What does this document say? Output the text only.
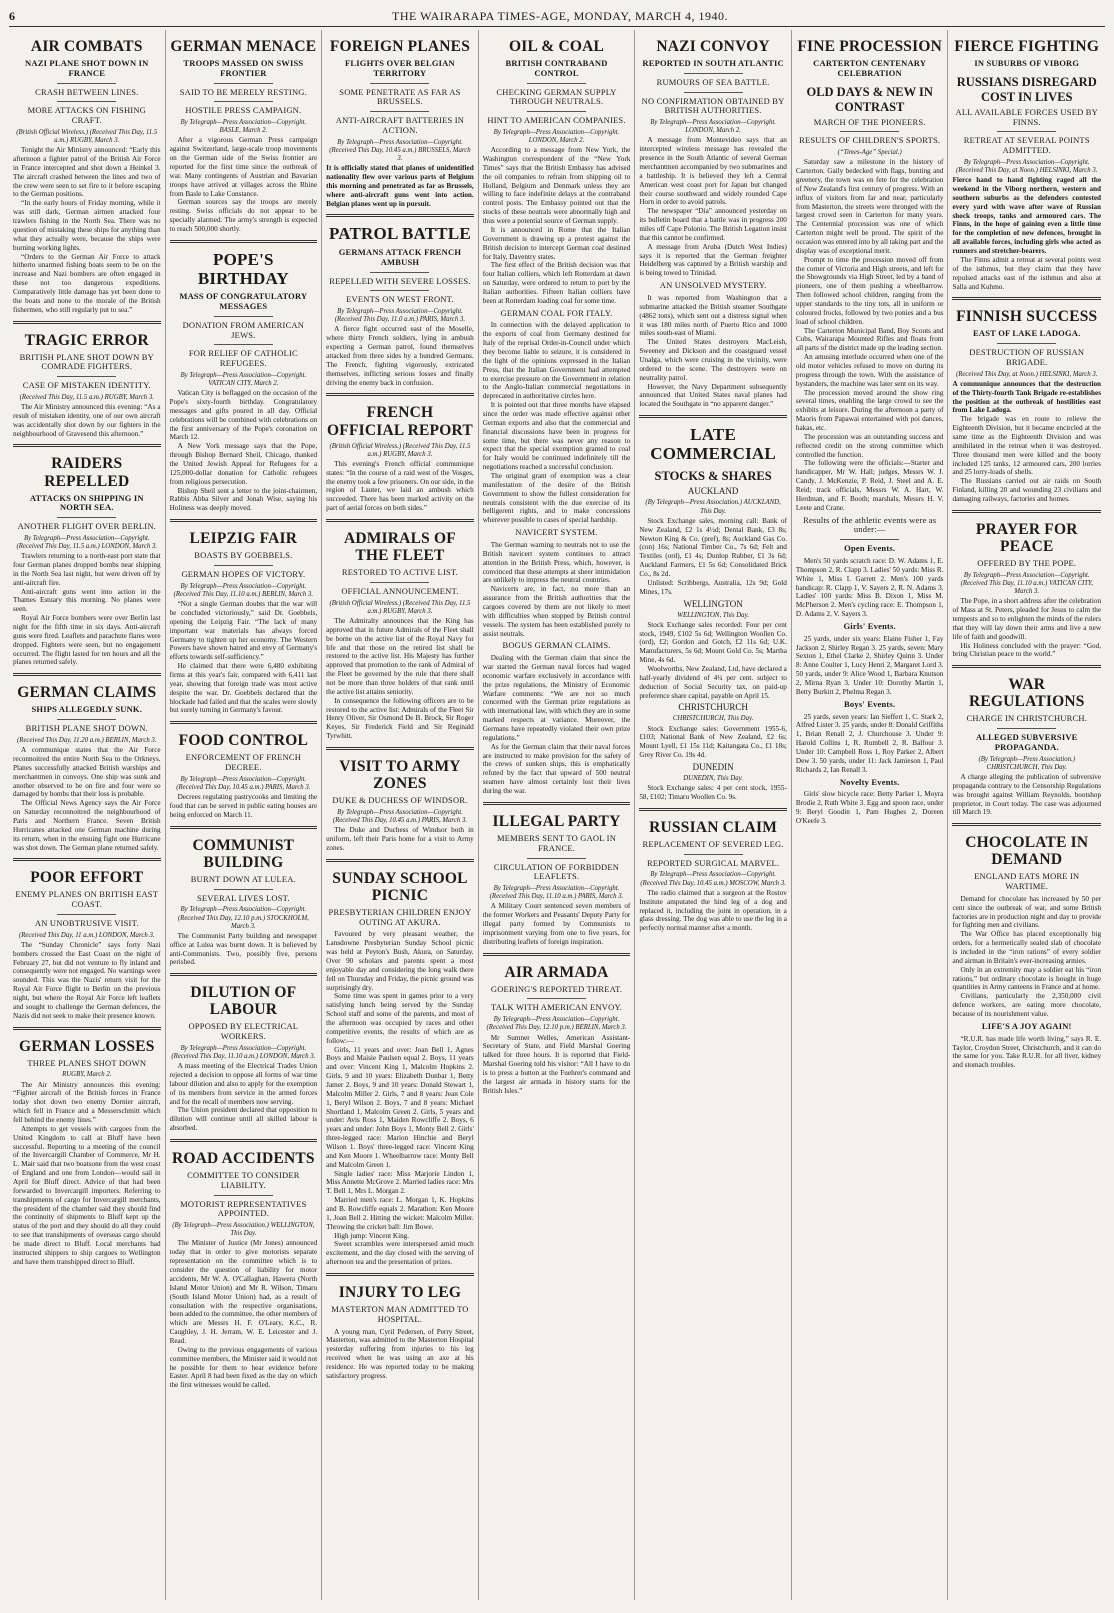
6	THE WAIRARAPA TIMES-AGE, MONDAY, MARCH 4, 1940.
AIR COMBATS
NAZI PLANE SHOT DOWN IN FRANCE
CRASH BETWEEN LINES.
MORE ATTACKS ON FISHING CRAFT.
(British Official Wireless.) (Received This Day, 11.5 a.m.) RUGBY, March 3.

Tonight the Air Ministry announced: “Early this afternoon a fighter patrol of the British Air Force in France intercepted and shot down a Heinkel 3. The aircraft crashed between the lines and two of the crew were seen to set fire to it before escaping to the German positions.

“In the early hours of Friday morning, while it was still dark, German airmen attacked four trawlers fishing in the North Sea. There was no question of mistaking these ships for anything than what they actually were, because the ships were burning working lights.

“Orders to the German Air Force to attack hitherto unarmed fishing boats seem to be on the increase and Nazi bombers are often engaged in these not too dangerous expeditions. Comparatively little damage has yet been done to the boats and none to the morale of the British fishermen, who still regularly put to sea.”

TRAGIC ERROR
BRITISH PLANE SHOT DOWN BY COMRADE FIGHTERS.
CASE OF MISTAKEN IDENTITY.
(Received This Day, 11.5 a.m.) RUGBY, March 3.

The Air Ministry announced this evening: “As a result of mistaken identity, one of our own aircraft was accidentally shot down by our fighters in the neighbourhood of Gravesend this afternoon.”

RAIDERS REPELLED
ATTACKS ON SHIPPING IN NORTH SEA.
ANOTHER FLIGHT OVER BERLIN.
By Telegraph—Press Association—Copyright. (Received This Day, 11.5 a.m.) LONDON, March 3.

Trawlers returning to a north-east port state that four German planes dropped bombs near shipping in the North Sea last night, but were driven off by anti-aircraft fire.

Anti-aircraft guns went into action in the Thames Estuary this morning. No planes were seen.

Royal Air Force bombers were over Berlin last night for the fifth time in six days. Anti-aircraft guns were fired. Leaflets and parachute flares were dropped. Fighters were seen, but no engagement occurred. The flight lasted for ten hours and all the planes returned safely.

GERMAN CLAIMS
SHIPS ALLEGEDLY SUNK.
BRITISH PLANE SHOT DOWN.
(Received This Day, 11.20 a.m.) BERLIN, March 3.

A communique states that the Air Force reconnoitred the entire North Sea to the Orkneys. Planes successfully attacked British warships and merchantmen in convoys. One ship was sunk and another observed to be on fire and four were so damaged by bombs that their loss is probable.

The Official News Agency says the Air Force on Saturday reconnoitred the neighbourhood of Paris and Northern France. Seven British Hurricanes attacked one German machine during its return, when in the ensuing fight one Hurricane was shot down. The German plane returned safely.

POOR EFFORT
ENEMY PLANES ON BRITISH EAST COAST.
AN UNOBTRUSIVE VISIT.
(Received This Day, 11 a.m.) LONDON, March 3.

The “Sunday Chronicle” says forty Nazi bombers crossed the East Coast on the night of February 27, but did not venture to fly inland and consequently were not engaged. No warnings were sounded. This was the Nazis' return visit for the Royal Air Force flight to Berlin on the previous night, but where the Royal Air Force left leaflets and sought to challenge the German defences, the Nazis did not seek to make their presence known.

GERMAN LOSSES
THREE PLANES SHOT DOWN
RUGBY, March 2.

The Air Ministry announces this evening: “Fighter aircraft of the British forces in France today shot down two enemy Dornier aircraft, which fell in France and a Messerschmitt which fell behind the enemy lines.”

Attempts to get vessels with cargoes from the United Kingdom to call at Bluff have been successful. Reporting to a meeting of the council of the Invercargill Chamber of Commerce, Mr H. L. Mair said that two boatsone from the west coast of England and one from London—would sail in April for Bluff direct. Advice of that had been forwarded to Invercargill importers. Referring to transhipments of cargo for Invercargill merchants, the president of the chamber said they should find the continuity of shipments to Bluff kept up the status of the port and they should do all they could to see that transhipments of overseas cargo should be made direct to Bluff. Local merchants had instructed shippers to ship cargoes to Wellington and have them transhipped direct to Bluff.

GERMAN MENACE
TROOPS MASSED ON SWISS FRONTIER
SAID TO BE MERELY RESTING.
HOSTILE PRESS CAMPAIGN.
By Telegraph—Press Association—Copyright. BASLE, March 2.

After a vigorous German Press campaign against Switzerland, large-scale troop movements on the German side of the Swiss frontier are reported for the first time since the outbreak of war. Many contingents of Austrian and Bavarian troops have arrived at villages across the Rhine from Basle to Lake Constance.

German sources say the troops are merely resting. Swiss officials do not appear to be specially alarmed. The army's strength is expected to reach 500,000 shortly.

POPE'S BIRTHDAY
MASS OF CONGRATULATORY MESSAGES
DONATION FROM AMERICAN JEWS.
FOR RELIEF OF CATHOLIC REFUGEES.
By Telegraph—Press Association—Copyright. VATICAN CITY, March 2.

Vatican City is beflagged on the occasion of the Pope's sixty-fourth birthday. Congratulatory messages and gifts poured in all day. Official celebrations will be combined with celebrations on the first anniversary of the Pope's coronation on March 12.

A New York message says that the Pope, through Bishop Bernard Sheil, Chicago, thanked the United Jewish Appeal for Refugees for a 125,000-dollar donation for Catholic refugees from religious persecution.

Bishop Sheil sent a letter to the joint-chairmen, Rabbis Abba Silver and Jonah Wise, saying his Holiness was deeply moved.

LEIPZIG FAIR
BOASTS BY GOEBBELS.
GERMAN HOPES OF VICTORY.
By Telegraph—Press Association—Copyright. (Received This Day, 11.10 a.m.) BERLIN, March 3.

“Not a single German doubts that the war will be concluded victoriously,” said Dr. Goebbels, opening the Leipzig Fair. “The lack of many important war materials has always forced Germany to tighten up her economy. The Western Powers have shown hatred and envy of Germany's efforts towards self-sufficiency.”

He claimed that there were 6,480 exhibiting firms at this year's fair, compared with 6,411 last year, showing that foreign trade was most active despite the war. Dr. Goebbels declared that the blockade had failed and that the scales were slowly but surely turning in Germany's favour.

FOOD CONTROL
ENFORCEMENT OF FRENCH DECREE.
By Telegraph—Press Association—Copyright. (Received This Day, 10.45 a.m.) PARIS, March 3.

Decrees regulating pastrycooks and limiting the food that can be served in public eating houses are being enforced on March 11.

COMMUNIST BUILDING
BURNT DOWN AT LULEA.
SEVERAL LIVES LOST.
By Telegraph—Press Association—Copyright. (Received This Day, 12.10 p.m.) STOCKHOLM, March 3.

The Communist Party building and newspaper office at Lulea was burnt down. It is believed by anti-Communists. Two, possibly five, persons perished.

DILUTION OF LABOUR
OPPOSED BY ELECTRICAL WORKERS.
By Telegraph—Press Association—Copyright. (Received This Day, 11.10 a.m.) LONDON, March 3.

A mass meeting of the Electrical Trades Union rejected a decision to oppose all forms of war time labour dilution and also to apply for the exemption of its members from service in the armed forces and for the recall of members now serving.

The Union president declared that opposition to dilution will continue until all skilled labour is absorbed.

ROAD ACCIDENTS
COMMITTEE TO CONSIDER LIABILITY.
MOTORIST REPRESENTATIVES APPOINTED.
(By Telegraph—Press Association.) WELLINGTON, This Day.

The Minister of Justice (Mr Jones) announced today that in order to give motorists separate representation on the committee which is to consider the question of liability for motor accidents, Mr W. A. O'Callaghan, Hawera (North Island Motor Union) and Mr R. Wilson, Timaru (South Island Motor Union) had, as a result of consultation with the respective organisations, been added to the committee, the other members of which are Messrs H. F. O'Leary, K.C., R. Caughley, J. H. Jerram, W. E. Leicester and J. Read.

Owing to the previous engagements of various committee members, the Minister said it would not be possible for them to hear evidence before Easter. April 8 had been fixed as the day on which the first witnesses would be called.

FOREIGN PLANES
FLIGHTS OVER BELGIAN TERRITORY
SOME PENETRATE AS FAR AS BRUSSELS.
ANTI-AIRCRAFT BATTERIES IN ACTION.
By Telegraph—Press Association—Copyright. (Received This Day, 10.45 a.m.) BRUSSELS, March 3.

It is officially stated that planes of unidentified nationality flew over various parts of Belgium this morning and penetrated as far as Brussels, where anti-aircraft guns went into action. Belgian planes went up in pursuit.

PATROL BATTLE
GERMANS ATTACK FRENCH AMBUSH
REPELLED WITH SEVERE LOSSES.
EVENTS ON WEST FRONT.
By Telegraph—Press Association—Copyright. (Received This Day, 11.0 a.m.) PARIS, March 3.

A fierce fight occurred east of the Moselle, where thirty French soldiers, lying in ambush expecting a German patrol, found themselves attacked from three sides by a hundred Germans. The French, fighting vigorously, extricated themselves, inflicting serious losses and finally driving the enemy back in confusion.

FRENCH OFFICIAL REPORT
(British Official Wireless.) (Received This Day, 11.5 a.m.) RUGBY, March 3.

This evening's French official communique states: “In the course of a raid west of the Vosges, the enemy took a few prisoners. On our side, in the region of Lauter, we laid an ambush which succeeded. There has been marked activity on the part of aerial forces on both sides.”

ADMIRALS OF THE FLEET
RESTORED TO ACTIVE LIST.
OFFICIAL ANNOUNCEMENT.
(British Official Wireless.) (Received This Day, 11.5 a.m.) RUGBY, March 3.

The Admiralty announces that the King has approved that in future Admirals of the Fleet shall be borne on the active list of the Royal Navy for life and that those on the retired list shall be restored to the active list. His Majesty has further approved that promotion to the rank of Admiral of the Fleet be governed by the rule that there shall not be more than three holders of that rank until the active list attains seniority.

In consequence the following officers are to be restored to the active list: Admirals of the Fleet Sir Henry Oliver, Sir Osmond De B. Brock, Sir Roger Keyes, Sir Frederick Field and Sir Reginald Tyrwhitt.

VISIT TO ARMY ZONES
DUKE & DUCHESS OF WINDSOR.
By Telegraph—Press Association—Copyright. (Received This Day, 10.45 a.m.) PARIS, March 3.

The Duke and Duchess of Windsor both in uniform, left their Paris home for a visit to Army zones.

SUNDAY SCHOOL PICNIC
PRESBYTERIAN CHILDREN ENJOY OUTING AT AKURA.

Favoured by very pleasant weather, the Lansdowne Presbyterian Sunday School picnic was held at Peyton's Bush, Akura, on Saturday. Over 90 scholars and parents spent a most enjoyable day and considering the long walk there fell on Thursday and Friday, the picnic ground was surprisingly dry.

Some time was spent in games prior to a very satisfying lunch being served by the Sunday School staff and some of the parents, and most of the afternoon was occupied by races and other competitive events, the results of which are as follow:—

Girls, 11 years and over: Joan Bell 1, Agnes Boys and Maisie Paulsen equal 2. Boys, 11 years and over: Vincent King 1, Malcolm Hopkins 2. Girls, 9 and 10 years: Elizabeth Dunbar 1, Betty Jamer 2. Boys, 9 and 10 years: Donald Stewart 1, Malcolm Miller 2. Girls, 7 and 8 years: Jean Cole 1, Beryl Wilson 2. Boys, 7 and 8 years: Michael Shortland 1, Malcolm Green 2. Girls, 5 years and under: Avis Ross 1, Maiden Rowcliffe 2. Boys, 6 years and under: John Boys 1, Monty Bell 2. Girls' three-legged race: Marion Hinchie and Beryl Wilson 1. Boys' three-legged race: Vincent King and Ken Moore 1. Wheelbarrow race: Monty Bell and Malcolm Green 1.

Single ladies' race: Miss Marjorie Lindon 1, Miss Annette McGrove 2. Married ladies race: Mrs T. Bell 1, Mrs L. Morgan 2.

Married men's race: L. Morgan 1, K. Hopkins and B. Rowcliffe equals 2. Marathon: Ken Moore 1, Joan Bell 2. Hitting the wicket: Malcolm Miller. Throwing the cricket ball: Jim Bowe.

High jump: Vincent King.

Sweet scrambles were interspersed amid much excitement, and the day closed with the serving of afternoon tea and the presentation of prizes.

INJURY TO LEG
MASTERTON MAN ADMITTED TO HOSPITAL.

A young man, Cyril Pedersen, of Perry Street, Masterton, was admitted to the Masterton Hospital yesterday suffering from injuries to his leg received when he was using an axe at his residence. He was reported today to be making satisfactory progress.

OIL & COAL
BRITISH CONTRABAND CONTROL
CHECKING GERMAN SUPPLY THROUGH NEUTRALS.
HINT TO AMERICAN COMPANIES.
By Telegraph—Press Association—Copyright. LONDON, March 2.

According to a message from New York, the Washington correspondent of the “New York Times” says that the British Embassy has advised the oil companies to refrain from shipping oil to Holland, Belgium and Denmark unless they are willing to face indefinite delays at the contraband control posts. The Embassy pointed out that the stocks of these neutrals were abnormally high and thus were a potential source of German supply.

It is announced in Rome that the Italian Government is drawing up a protest against the British decision to intercept German coal destined for Italy, Daventry states.

The first effect of the British decision was that four Italian colliers, which left Rotterdam at dawn on Saturday, were ordered to return to port by the Italian authorities. Fifteen Italian colliers have been at Rotterdam loading coal for some time.

GERMAN COAL FOR ITALY.

In connection with the delayed application to the exports of coal from Germany destined for Italy of the reprisal Order-in-Council under which they become liable to seizure, it is considered in the light of the opinions expressed in the Italian Press, that the Italian Government had attempted to exercise pressure on the Government in relation to the Anglo-Italian commercial negotiations in deprecated in authoritative circles here.

It is pointed out that three months have elapsed since the order was made effective against other German exports and also that the commercial and financial discussions have been in progress for some time, but there was never any reason to expect that the special exemption granted to coal for Italy would be continued indefinitely till the negotiations reached a successful conclusion.

The original grant of exemption was a clear manifestation of the desire of the British Government to show the fullest consideration for neutrals consistent with the due exercise of its belligerent rights, and to make concessions wherever possible to cases of special hardship.

NAVICERT SYSTEM.

The German warning to neutrals not to use the British navicert system continues to attract attention in the British Press, which, however, is convinced that these attempts at sheer intimidation are unlikely to impress the neutral countries.

Navicerts are, in fact, no more than an assurance from the British authorities that the cargoes covered by them are not likely to meet with difficulties when stopped by British control vessels. The system has been established purely to assist neutrals.

BOGUS GERMAN CLAIMS.

Dealing with the German claim that since the war started the German naval forces had waged economic warfare exclusively in accordance with the prize regulations, the Ministry of Economic Warfare comments: “We are not so much concerned with the German prize regulations as with international law, with which they are in some marked respects at variance. Moreover, the Germans have repeatedly violated their own prize regulations.”

As for the German claim that their naval forces are instructed to make provision for the safety of the crews of sunken ships, this is emphatically refuted by the fact that upward of 500 neutral seamen have almost certainly lost their lives during the war.

ILLEGAL PARTY
MEMBERS SENT TO GAOL IN FRANCE.
CIRCULATION OF FORBIDDEN LEAFLETS.
By Telegraph—Press Association—Copyright. (Received This Day, 11.10 a.m.) PARIS, March 3.

A Military Court sentenced seven members of the former Workers and Peasants' Deputy Party for illegal party formed by Communists to imprisonment varying from one to five years, for distributing leaflets of foreign inspiration.

AIR ARMADA
GOERING'S REPORTED THREAT.
TALK WITH AMERICAN ENVOY.
By Telegraph—Press Association—Copyright. (Received This Day, 12.10 p.m.) BERLIN, March 3.

Mr Sumner Welles, American Assistant-Secretary of State, and Field Marshal Goering talked for three hours. It is reported that Field-Marshal Goering told his visitor: “All I have to do is to press a button at the Fuehrer's command and the largest air armada in history starts for the British Isles.”

NAZI CONVOY
REPORTED IN SOUTH ATLANTIC
RUMOURS OF SEA BATTLE.
NO CONFIRMATION OBTAINED BY BRITISH AUTHORITIES.
By Telegraph—Press Association—Copyright. LONDON, March 2.

A message from Montevideo says that an intercepted wireless message has revealed the presence in the South Atlantic of several German merchantmen accompanied by two submarines and a battleship. It is believed they left a Central American west coast port for Japan but changed their course southward and widely rounded Cape Horn in order to avoid patrols.

The newspaper “Dia” announced yesterday on its bulletin board that a battle was in progress 200 miles off Cape Polonio. The British Legation insist that this cannot be confirmed.

A message from Aruba (Dutch West Indies) says it is reported that the German freighter Heidelberg was captured by a British warship and is being towed to Trinidad.

AN UNSOLVED MYSTERY.

It was reported from Washington that a submarine attacked the British steamer Southgate (4862 tons), which sent out a distress signal when it was 180 miles north of Puerto Rico and 1000 miles south-east of Miami.

The United States destroyers MacLeish, Sweeney and Dickson and the coastguard vessel Unalga, which were cruising in the vicinity, were ordered to the scene. The destroyers were on neutrality patrol.

However, the Navy Department subsequently announced that United States naval planes had located the Southgate in “no apparent danger.”

LATE COMMERCIAL
STOCKS & SHARES
AUCKLAND
(By Telegraph—Press Association.) AUCKLAND, This Day.

Stock Exchange sales, morning call: Bank of New Zealand, £2 1s 4½d; Dental Bank, £3 8s; Newton King & Co. (pref), 8s; Auckland Gas Co. (con) 16s; National Timber Co., 7s 6d; Felt and Textiles (ord), £1 4s; Dunlop Rubber, £1 3s 6d; Auckland Farmers, £1 5s 6d; Consolidated Brick Co., 8s 2d.

Unlisted: Scribbergs, Australia, 12s 9d; Gold Mines, 17s.

WELLINGTON
WELLINGTON, This Day.

Stock Exchange sales recorded: Four per cent stock, 1949, £102 5s 6d; Wellington Woollen Co. (ord), £2; Gordon and Gotch, £2 11s 6d; U.K. Manufacturers, 5s 6d; Mount Gold Co. 5s; Martha Mine, 4s 6d.

Woolworths, New Zealand, Ltd, have declared a half-yearly dividend of 4¼ per cent. subject to deduction of Social Security tax, on paid-up preference share capital, payable on April 15.

CHRISTCHURCH
CHRISTCHURCH, This Day.

Stock Exchange sales: Government 1955-6, £103; National Bank of New Zealand, £2 6s; Mount Lyell, £1 15s 11d; Kaitangata Co., £1 18s; Grey River Co. 19s 4d.

DUNEDIN
DUNEDIN, This Day.

Stock Exchange sales: 4 per cent stock, 1955-58, £102; Timaru Woollen Co. 9s.

RUSSIAN CLAIM
REPLACEMENT OF SEVERED LEG.
REPORTED SURGICAL MARVEL.
By Telegraph—Press Association—Copyright. (Received This Day, 10.45 a.m.) MOSCOW, March 3.

The radio claimed that a surgeon at the Rostov Institute amputated the hind leg of a dog and replaced it, including the joint in operation, in a glass dressing. The dog was able to use the leg in a perfectly normal manner after a month.

FINE PROCESSION
CARTERTON CENTENARY CELEBRATION
OLD DAYS & NEW IN CONTRAST
MARCH OF THE PIONEERS.
RESULTS OF CHILDREN'S SPORTS.
(“Times-Age” Special.)

Saturday saw a milestone in the history of Carterton. Gaily bedecked with flags, bunting and greenery, the town was en fete for the celebration of New Zealand's first century of progress. With an influx of visitors from far and near, particularly from Masterton, the streets were thronged with the largest crowd seen in Carterton for many years. The Centennial procession was one of which Carterton might well be proud. The spirit of the occasion was entered into by all taking part and the display was of exceptional merit.

Prompt to time the procession moved off from the corner of Victoria and High streets, and left for the Showgrounds via High Street, led by a band of pioneers, one of them pushing a wheelbarrow. Then followed school children, ranging from the upper standards to the tiny tots, all in uniform or coloured frocks, followed by two ponies and a bus load of school children.

The Carterton Municipal Band, Boy Scouts and Cubs, Wairarapa Mounted Rifles and floats from all parts of the district made up the leading section.

An amusing interlude occurred when one of the old motor vehicles refused to move on during its progress through the town. With the assistance of bystanders, the machine was later sent on its way.

The procession moved around the show ring several times, enabling the large crowd to see the exhibits at leisure. During the afternoon a party of Maoris from Papawai entertained with poi dances, hakas, etc.

The procession was an outstanding success and reflected credit on the strong committee which controlled the function.

The following were the officials:—Starter and handicapper, Mr W. Hall; judges, Messrs W. J. Candy, J. McKenzie, P. Reid, J. Steel and A. E. Reid; track officials, Messrs W. A. Hart, W. Herdman, and F. Booth; marshals, Messrs H. V. Leete and Crane.

Results of the athletic events were as under:—
Open Events.

Men's 50 yards scratch race: D. W. Adams 1, E. Thompson 2, R. Clapp 3. Ladies' 50 yards: Miss R. White 1, Miss I. Garrett 2. Men's 100 yards handicap: R. Clapp 1, V. Sayers 2, R. N. Adams 3. Ladies' 100 yards: Miss B. Dixon 1, Miss M. McPherson 2. Men's cycling race: E. Thompson 1, D. Adams 2, V. Sayers 3.

Girls' Events.

25 yards, under six years: Elaine Fisher 1, Fay Jackson 2, Shirley Regan 3. 25 yards, seven: Mary Sexton 1, Ethel Clarke 2, Shirley Quinn 3. Under 8: Anne Coulter 1, Lucy Henri 2, Margaret Lord 3. 50 yards, under 9: Alice Wood 1, Barbara Knutson 2, Mirna Ryan 3. Under 10: Dorothy Martin 1, Betty Burkitt 2, Phelma Regan 3.

Boys' Events.

25 yards, seven years: Ian Sieffert 1, C. Stark 2, Alfred Lister 3. 25 yards, under 8: Donald Griffiths 1, Brian Renall 2, J. Churchouse 3. Under 9: Harold Collins 1, R. Rumbell 2, R. Balfour 3. Under 10: Campbell Ross 1, Roy Parker 2, Albert Dew 3. 50 yards, under 11: Jack Jamieson 1, Paul Richards 2, Ian Renall 3.

Novelty Events.

Girls' slow bicycle race: Betty Parker 1, Moyra Brodie 2, Ruth White 3. Egg and spoon race, under 9: Beryl Goodin 1, Pam Hughes 2, Doreen O'Keefe 3.

FIERCE FIGHTING
IN SUBURBS OF VIBORG
RUSSIANS DISREGARD COST IN LIVES
ALL AVAILABLE FORCES USED BY FINNS.
RETREAT AT SEVERAL POINTS ADMITTED.
By Telegraph—Press Association—Copyright. (Received This Day, at Noon.) HELSINKI, March 3.

Fierce hand to hand fighting raged all the weekend in the Viborg northern, western and southern suburbs as the defenders contested every yard with wave after wave of Russian shock troops, tanks and armoured cars. The Finns, in the hope of gaining even a little time for the completion of new defences, brought in all available forces, including girls who acted as runners and stretcher-bearers.

The Finns admit a retreat at several points west of the isthmus, but they claim that they have repulsed attacks east of the isthmus and also at Salla and Kuhmo.

FINNISH SUCCESS
EAST OF LAKE LADOGA.
DESTRUCTION OF RUSSIAN BRIGADE.
(Received This Day, at Noon.) HELSINKI, March 3.

A communique announces that the destruction of the Thirty-fourth Tank Brigade re-establishes the position at the outbreak of hostilities east from Lake Ladoga.

The brigade was en route to relieve the Eighteenth Division, but it became encircled at the same time as the Eighteenth Division and was annihilated in the retreat when it was destroyed. Three thousand men were killed and the booty included 125 tanks, 12 armoured cars, 200 lorries and 25 lorry-loads of shells.

The Russians carried out air raids on South Finland, killing 20 and wounding 23 civilians and damaging railways, factories and homes.

PRAYER FOR PEACE
OFFERED BY THE POPE.
By Telegraph—Press Association—Copyright. (Received This Day, 11.10 a.m.) VATICAN CITY, March 3.

The Pope, in a short address after the celebration of Mass at St. Peters, pleaded for Jesus to calm the tempests and so to enlighten the minds of the rulers that they will lay down their arms and live a new life of faith and goodwill.

His Holiness concluded with the prayer: “God, bring Christian peace to the world.”

WAR REGULATIONS
CHARGE IN CHRISTCHURCH.
ALLEGED SUBVERSIVE PROPAGANDA.
(By Telegraph—Press Association.) CHRISTCHURCH, This Day.

A charge alleging the publication of subversive propaganda contrary to the Censorship Regulations was brought against William Reynolds, bootshop proprietor, in Court today. The case was adjourned till March 19.

CHOCOLATE IN DEMAND
ENGLAND EATS MORE IN WARTIME.

Demand for chocolate has increased by 50 per cent since the outbreak of war, and some British factories are in production night and day to provide for fighting men and civilians.

The War Office has placed exceptionally big orders, for a hermetically sealed slab of chocolate is included in the “iron rations” of every soldier and airman in Britain's ever-increasing armies.

Only in an extremity may a soldier eat his “iron rations,” but ordinary chocolate is bought in huge quantities in Army canteens in France and at home.

Civilians, particularly the 2,350,000 civil defence workers, are eating more chocolate, because of its nourishment value.

LIFE'S A JOY AGAIN!

“R.U.R. has made life worth living,” says R. E. Taylor, Croydon Street, Christchurch, and it can do the same for you. Take R.U.R. for all liver, kidney and stomach troubles.
